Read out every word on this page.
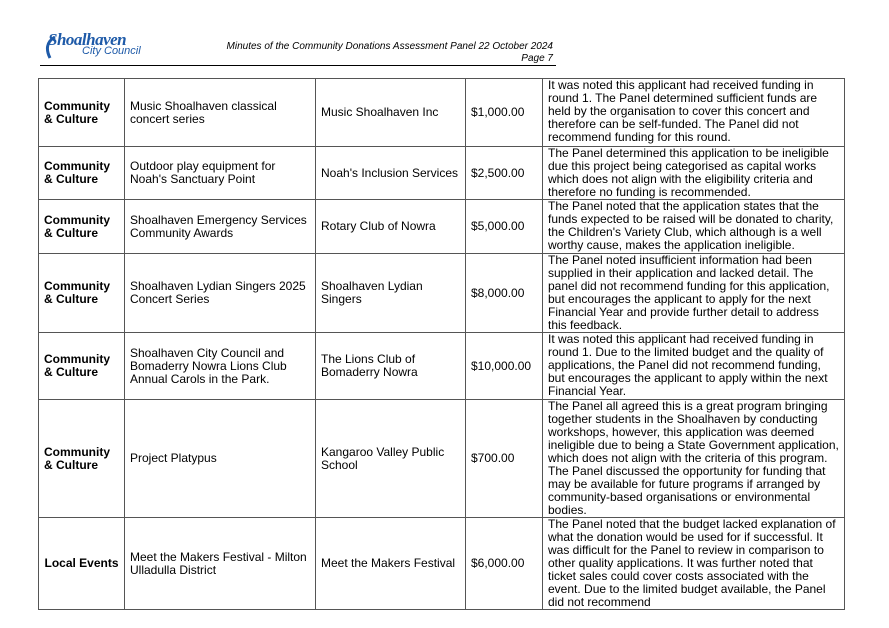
Shoalhaven
City Council	Minutes of the Community Donations Assessment Panel 22 October 2024
Page 7
Community & Culture	Music Shoalhaven classical concert series	Music Shoalhaven Inc	$1,000.00	It was noted this applicant had received funding in round 1. The Panel determined sufficient funds are held by the organisation to cover this concert and therefore can be self-funded. The Panel did not recommend funding for this round.
Community & Culture	Outdoor play equipment for Noah's Sanctuary Point	Noah's Inclusion Services	$2,500.00	The Panel determined this application to be ineligible due this project being categorised as capital works which does not align with the eligibility criteria and therefore no funding is recommended.
Community & Culture	Shoalhaven Emergency Services Community Awards	Rotary Club of Nowra	$5,000.00	The Panel noted that the application states that the funds expected to be raised will be donated to charity, the Children's Variety Club, which although is a well worthy cause, makes the application ineligible.
Community & Culture	Shoalhaven Lydian Singers 2025 Concert Series	Shoalhaven Lydian Singers	$8,000.00	The Panel noted insufficient information had been supplied in their application and lacked detail. The panel did not recommend funding for this application, but encourages the applicant to apply for the next Financial Year and provide further detail to address this feedback.
Community & Culture	Shoalhaven City Council and Bomaderry Nowra Lions Club Annual Carols in the Park.	The Lions Club of Bomaderry Nowra	$10,000.00	It was noted this applicant had received funding in round 1. Due to the limited budget and the quality of applications, the Panel did not recommend funding, but encourages the applicant to apply within the next Financial Year.
Community & Culture	Project Platypus	Kangaroo Valley Public School	$700.00	The Panel all agreed this is a great program bringing together students in the Shoalhaven by conducting workshops, however, this application was deemed ineligible due to being a State Government application, which does not align with the criteria of this program. The Panel discussed the opportunity for funding that may be available for future programs if arranged by community-based organisations or environmental bodies.
Local Events	Meet the Makers Festival - Milton Ulladulla District	Meet the Makers Festival	$6,000.00	The Panel noted that the budget lacked explanation of what the donation would be used for if successful. It was difficult for the Panel to review in comparison to other quality applications. It was further noted that ticket sales could cover costs associated with the event. Due to the limited budget available, the Panel did not recommend
